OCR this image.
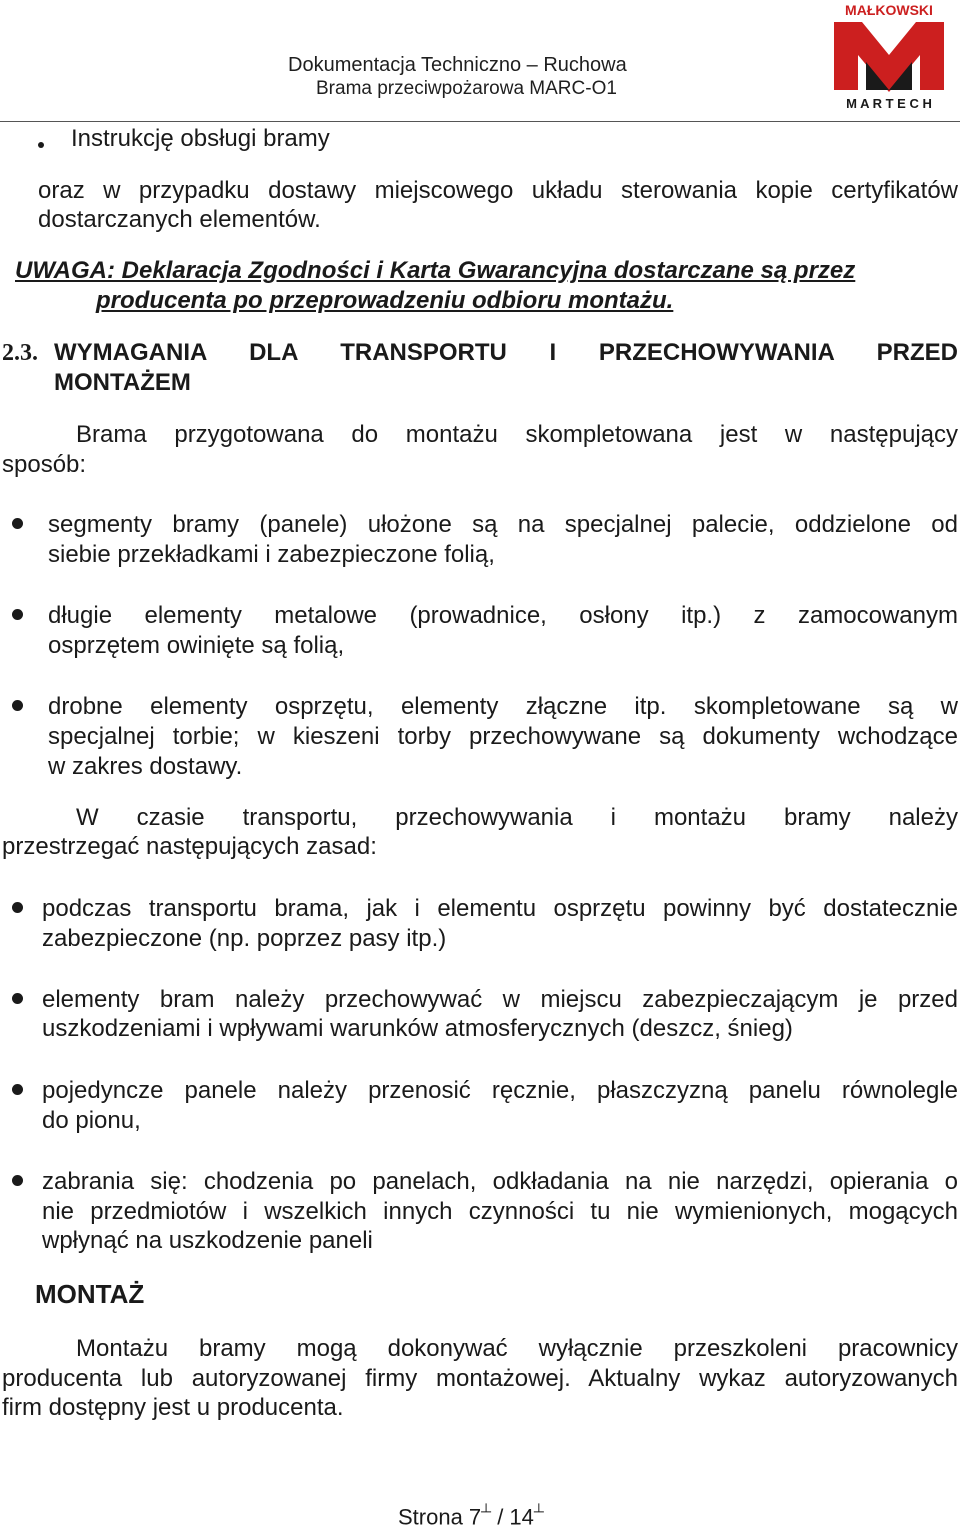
Dokumentacja Techniczno – Ruchowa
Brama przeciwpożarowa MARC-O1
MAŁKOWSKI
M A R T E C H
Instrukcję obsługi bramy
oraz w przypadku dostawy miejscowego układu sterowania kopie certyfikatów
dostarczanych elementów.
UWAGA: Deklaracja Zgodności i Karta Gwarancyjna dostarczane są przez
producenta po przeprowadzeniu odbioru montażu.
2.3. WYMAGANIA DLA TRANSPORTU I PRZECHOWYWANIA PRZED
MONTAŻEM
Brama przygotowana do montażu skompletowana jest w następujący
sposób:
segmenty bramy (panele) ułożone są na specjalnej palecie, oddzielone od
siebie przekładkami i zabezpieczone folią,
długie elementy metalowe (prowadnice, osłony itp.) z zamocowanym
osprzętem owinięte są folią,
drobne elementy osprzętu, elementy złączne itp. skompletowane są w
specjalnej torbie; w kieszeni torby przechowywane są dokumenty wchodzące
w zakres dostawy.
W czasie transportu, przechowywania i montażu bramy należy
przestrzegać następujących zasad:
podczas transportu brama, jak i elementu osprzętu powinny być dostatecznie
zabezpieczone (np. poprzez pasy itp.)
elementy bram należy przechowywać w miejscu zabezpieczającym je przed
uszkodzeniami i wpływami warunków atmosferycznych (deszcz, śnieg)
pojedyncze panele należy przenosić ręcznie, płaszczyzną panelu równolegle
do pionu,
zabrania się: chodzenia po panelach, odkładania na nie narzędzi, opierania o
nie przedmiotów i wszelkich innych czynności tu nie wymienionych, mogących
wpłynąć na uszkodzenie paneli
MONTAŻ
Montażu bramy mogą dokonywać wyłącznie przeszkoleni pracownicy
producenta lub autoryzowanej firmy montażowej. Aktualny wykaz autoryzowanych
firm dostępny jest u producenta.
Strona 7┴ / 14┴
